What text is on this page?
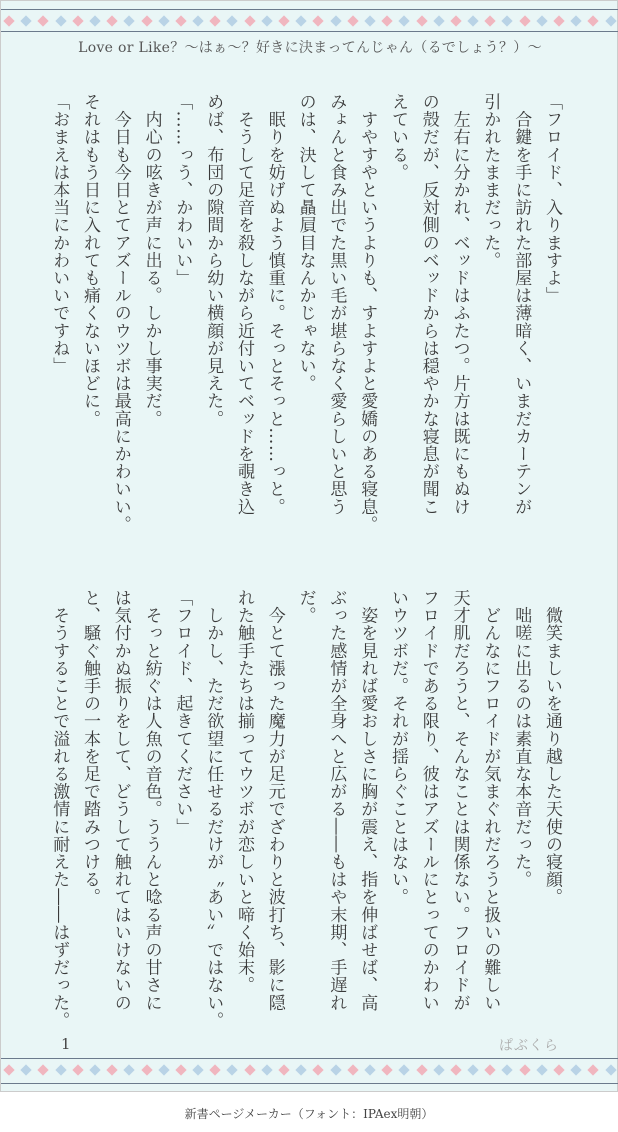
Love or Like？〜はぁ〜？好きに決まってんじゃん（るでしょう？）〜
「フロイド、入りますよ」
　合鍵を手に訪れた部屋は薄暗く、いまだカーテンが
引かれたままだった。
　左右に分かれ、ベッドはふたつ。片方は既にもぬけ
の殻だが、反対側のベッドからは穏やかな寝息が聞こ
えている。
　すやすやというよりも、すよすよと愛嬌のある寝息。
みょんと食み出でた黒い毛が堪らなく愛らしいと思う
のは、決して贔屓目なんかじゃない。
　眠りを妨げぬよう慎重に。そっとそっと……っと。
　そうして足音を殺しながら近付いてベッドを覗き込
めば、布団の隙間から幼い横顔が見えた。
「……っう、かわいい」
　内心の呟きが声に出る。しかし事実だ。
　今日も今日とてアズールのウツボは最高にかわいい。
それはもう日に入れても痛くないほどに。
「おまえは本当にかわいいですね」
　微笑ましいを通り越した天使の寝顔。
　咄嗟に出るのは素直な本音だった。
　どんなにフロイドが気まぐれだろうと扱いの難しい
天才肌だろうと、そんなことは関係ない。フロイドが
フロイドである限り、彼はアズールにとってのかわい
いウツボだ。それが揺らぐことはない。
　姿を見れば愛おしさに胸が震え、指を伸ばせば、高
ぶった感情が全身へと広がる――もはや末期、手遅れ
だ。
　今とて漲った魔力が足元でざわりと波打ち、影に隠
れた触手たちは揃ってウツボが恋しいと啼く始末。
　しかし、ただ欲望に任せるだけが〝あい〟ではない。
「フロイド、起きてください」
　そっと紡ぐは人魚の音色。ううんと唸る声の甘さに
は気付かぬ振りをして、どうして触れてはいけないの
と、騒ぐ触手の一本を足で踏みつける。
　そうすることで溢れる激情に耐えた――はずだった。
1	ぱぶくら
新書ページメーカー（フォント：IPAex明朝）
